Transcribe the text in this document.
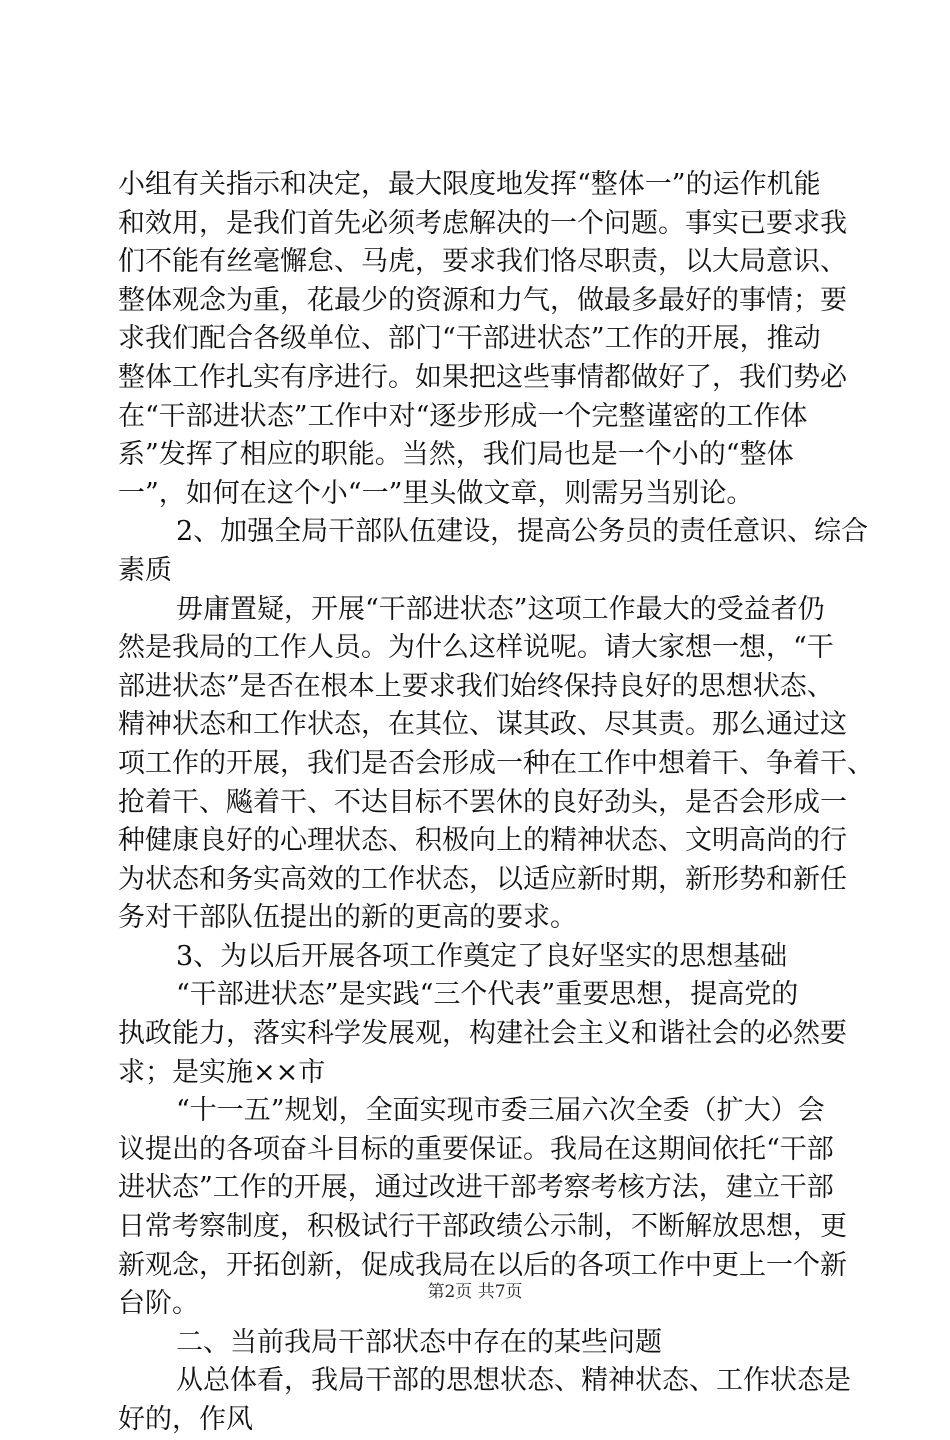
小组有关指示和决定，最大限度地发挥“整体一”的运作机能
和效用，是我们首先必须考虑解决的一个问题。事实已要求我
们不能有丝毫懈怠、马虎，要求我们恪尽职责，以大局意识、
整体观念为重，花最少的资源和力气，做最多最好的事情；要
求我们配合各级单位、部门“干部进状态”工作的开展，推动
整体工作扎实有序进行。如果把这些事情都做好了，我们势必
在“干部进状态”工作中对“逐步形成一个完整谨密的工作体
系”发挥了相应的职能。当然，我们局也是一个小的“整体
一”，如何在这个小“一”里头做文章，则需另当别论。
2、加强全局干部队伍建设，提高公务员的责任意识、综合
素质
毋庸置疑，开展“干部进状态”这项工作最大的受益者仍
然是我局的工作人员。为什么这样说呢。请大家想一想，“干
部进状态”是否在根本上要求我们始终保持良好的思想状态、
精神状态和工作状态，在其位、谋其政、尽其责。那么通过这
项工作的开展，我们是否会形成一种在工作中想着干、争着干、
抢着干、飚着干、不达目标不罢休的良好劲头，是否会形成一
种健康良好的心理状态、积极向上的精神状态、文明高尚的行
为状态和务实高效的工作状态，以适应新时期，新形势和新任
务对干部队伍提出的新的更高的要求。
3、为以后开展各项工作奠定了良好坚实的思想基础
“干部进状态”是实践“三个代表”重要思想，提高党的
执政能力，落实科学发展观，构建社会主义和谐社会的必然要
求；是实施××市
“十一五”规划，全面实现市委三届六次全委（扩大）会
议提出的各项奋斗目标的重要保证。我局在这期间依托“干部
进状态”工作的开展，通过改进干部考察考核方法，建立干部
日常考察制度，积极试行干部政绩公示制，不断解放思想，更
新观念，开拓创新，促成我局在以后的各项工作中更上一个新
台阶。
二、当前我局干部状态中存在的某些问题
从总体看，我局干部的思想状态、精神状态、工作状态是
好的，作风
第2页 共7页
